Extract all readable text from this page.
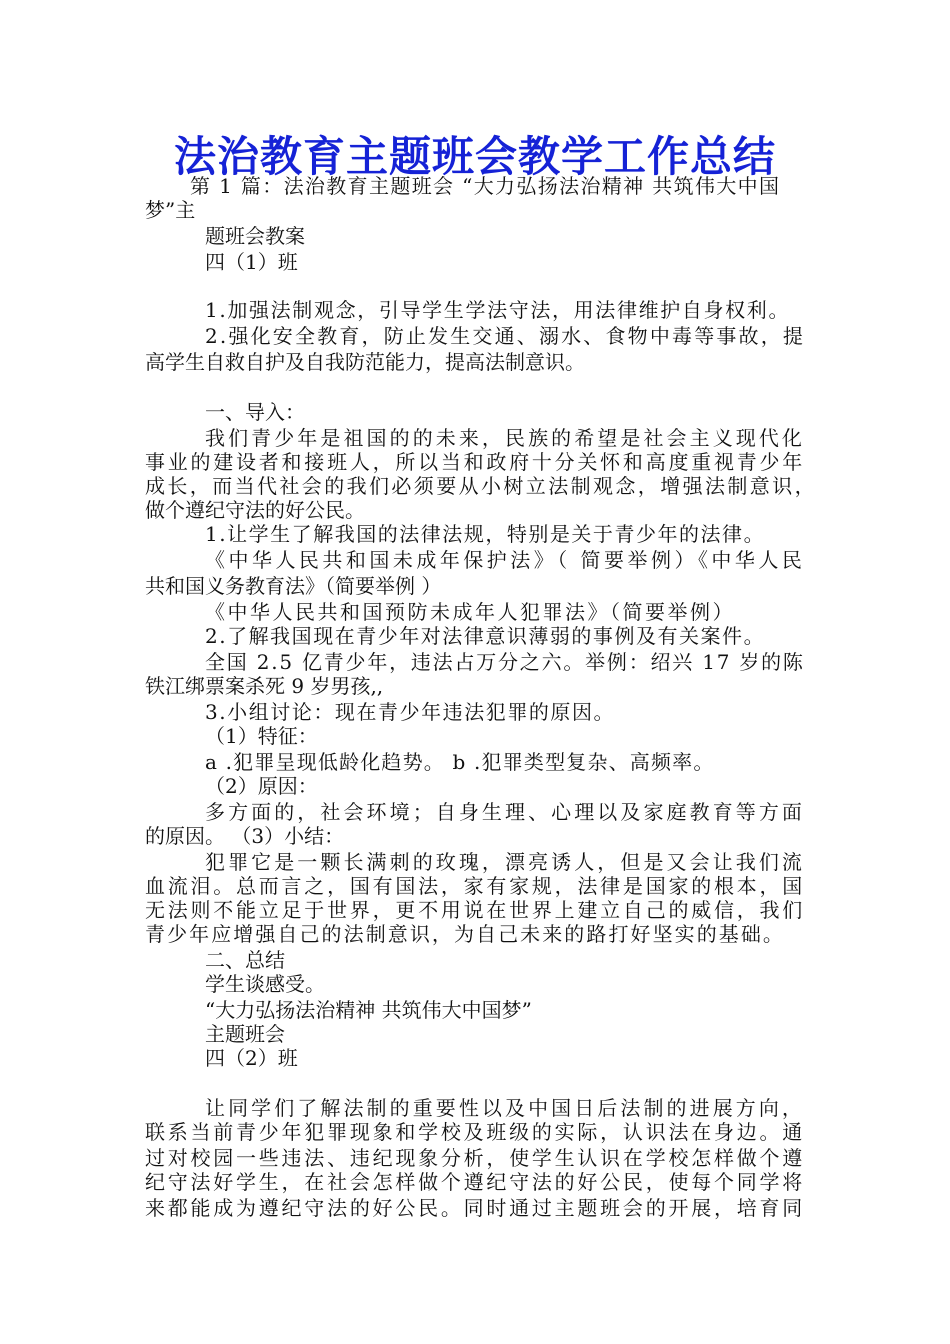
法治教育主题班会教学工作总结
第 1 篇：法治教育主题班会 “大力弘扬法治精神 共筑伟大中国
梦”主
题班会教案
四（1）班
1.加强法制观念，引导学生学法守法，用法律维护自身权利。
2.强化安全教育，防止发生交通、溺水、食物中毒等事故，提
高学生自救自护及自我防范能力，提高法制意识。
一、导入：
我们青少年是祖国的的未来，民族的希望是社会主义现代化
事业的建设者和接班人，所以当和政府十分关怀和高度重视青少年
成长，而当代社会的我们必须要从小树立法制观念，增强法制意识，
做个遵纪守法的好公民。
1.让学生了解我国的法律法规，特别是关于青少年的法律。
《中华人民共和国未成年保护法》（ 简要举例）《中华人民
共和国义务教育法》（简要举例 ）
《中华人民共和国预防未成年人犯罪法》（简要举例）
2.了解我国现在青少年对法律意识薄弱的事例及有关案件。
全国 2.5 亿青少年，违法占万分之六。举例：绍兴 17 岁的陈
铁江绑票案杀死 9 岁男孩,,
3.小组讨论：现在青少年违法犯罪的原因。
（1）特征：
a .犯罪呈现低龄化趋势。 b .犯罪类型复杂、高频率。
（2）原因：
多方面的，社会环境；自身生理、心理以及家庭教育等方面
的原因。 （3）小结：
犯罪它是一颗长满刺的玫瑰，漂亮诱人，但是又会让我们流
血流泪。总而言之，国有国法，家有家规，法律是国家的根本，国
无法则不能立足于世界，更不用说在世界上建立自己的威信，我们
青少年应增强自己的法制意识，为自己未来的路打好坚实的基础。
二、总结
学生谈感受。
“大力弘扬法治精神 共筑伟大中国梦”
主题班会
四（2）班
让同学们了解法制的重要性以及中国日后法制的进展方向，
联系当前青少年犯罪现象和学校及班级的实际，认识法在身边。通
过对校园一些违法、违纪现象分析，使学生认识在学校怎样做个遵
纪守法好学生，在社会怎样做个遵纪守法的好公民，使每个同学将
来都能成为遵纪守法的好公民。同时通过主题班会的开展，培育同
